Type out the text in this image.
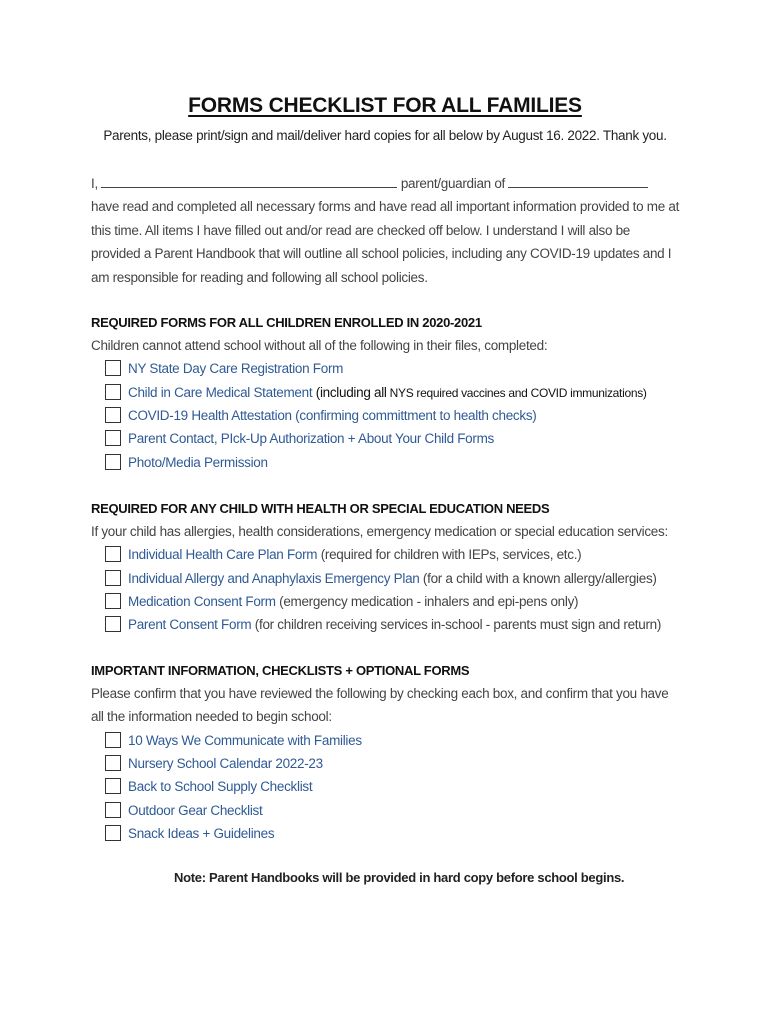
FORMS CHECKLIST FOR ALL FAMILIES
Parents, please print/sign and mail/deliver hard copies for all below by August 16. 2022. Thank you.
I,	parent/guardian of
have read and completed all necessary forms and have read all important information provided to me at this time. All items I have filled out and/or read are checked off below. I understand I will also be provided a Parent Handbook that will outline all school policies, including any COVID-19 updates and I am responsible for reading and following all school policies.
REQUIRED FORMS FOR ALL CHILDREN ENROLLED IN 2020-2021
Children cannot attend school without all of the following in their files, completed:
NY State Day Care Registration Form
Child in Care Medical Statement (including all NYS required vaccines and COVID immunizations)
COVID-19 Health Attestation (confirming committment to health checks)
Parent Contact, PIck-Up Authorization + About Your Child Forms
Photo/Media Permission
REQUIRED FOR ANY CHILD WITH HEALTH OR SPECIAL EDUCATION NEEDS
If your child has allergies, health considerations, emergency medication or special education services:
Individual Health Care Plan Form (required for children with IEPs, services, etc.)
Individual Allergy and Anaphylaxis Emergency Plan (for a child with a known allergy/allergies)
Medication Consent Form (emergency medication - inhalers and epi-pens only)
Parent Consent Form (for children receiving services in-school - parents must sign and return)
IMPORTANT INFORMATION, CHECKLISTS + OPTIONAL FORMS
Please confirm that you have reviewed the following by checking each box, and confirm that you have all the information needed to begin school:
10 Ways We Communicate with Families
Nursery School Calendar 2022-23
Back to School Supply Checklist
Outdoor Gear Checklist
Snack Ideas + Guidelines
Note: Parent Handbooks will be provided in hard copy before school begins.
